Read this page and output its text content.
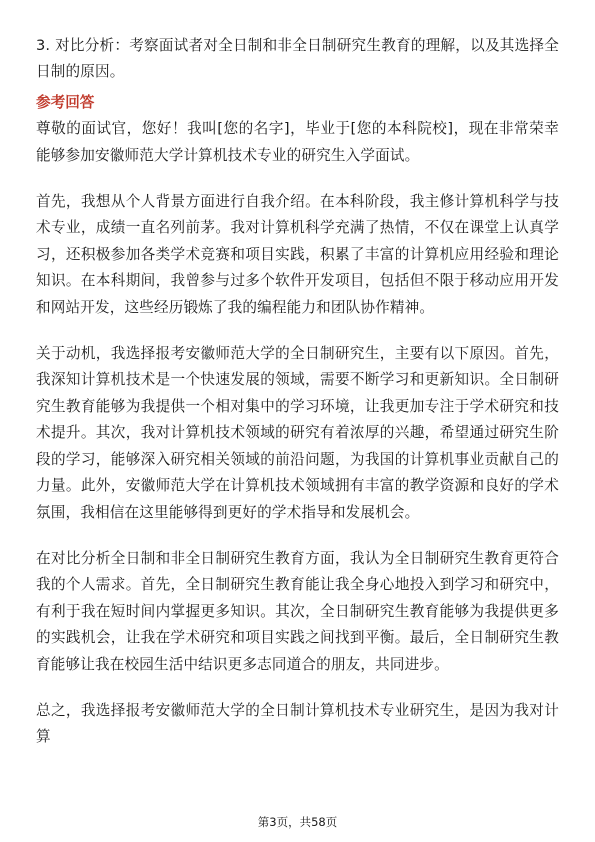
3. 对比分析：考察面试者对全日制和非全日制研究生教育的理解，以及其选择全日制的原因。

参考回答

尊敬的面试官，您好！我叫[您的名字]，毕业于[您的本科院校]，现在非常荣幸能够参加安徽师范大学计算机技术专业的研究生入学面试。

首先，我想从个人背景方面进行自我介绍。在本科阶段，我主修计算机科学与技术专业，成绩一直名列前茅。我对计算机科学充满了热情，不仅在课堂上认真学习，还积极参加各类学术竞赛和项目实践，积累了丰富的计算机应用经验和理论知识。在本科期间，我曾参与过多个软件开发项目，包括但不限于移动应用开发和网站开发，这些经历锻炼了我的编程能力和团队协作精神。

关于动机，我选择报考安徽师范大学的全日制研究生，主要有以下原因。首先，我深知计算机技术是一个快速发展的领域，需要不断学习和更新知识。全日制研究生教育能够为我提供一个相对集中的学习环境，让我更加专注于学术研究和技术提升。其次，我对计算机技术领域的研究有着浓厚的兴趣，希望通过研究生阶段的学习，能够深入研究相关领域的前沿问题，为我国的计算机事业贡献自己的力量。此外，安徽师范大学在计算机技术领域拥有丰富的教学资源和良好的学术氛围，我相信在这里能够得到更好的学术指导和发展机会。

在对比分析全日制和非全日制研究生教育方面，我认为全日制研究生教育更符合我的个人需求。首先，全日制研究生教育能让我全身心地投入到学习和研究中，有利于我在短时间内掌握更多知识。其次，全日制研究生教育能够为我提供更多的实践机会，让我在学术研究和项目实践之间找到平衡。最后，全日制研究生教育能够让我在校园生活中结识更多志同道合的朋友，共同进步。

总之，我选择报考安徽师范大学的全日制计算机技术专业研究生，是因为我对计算

第3页，共58页
